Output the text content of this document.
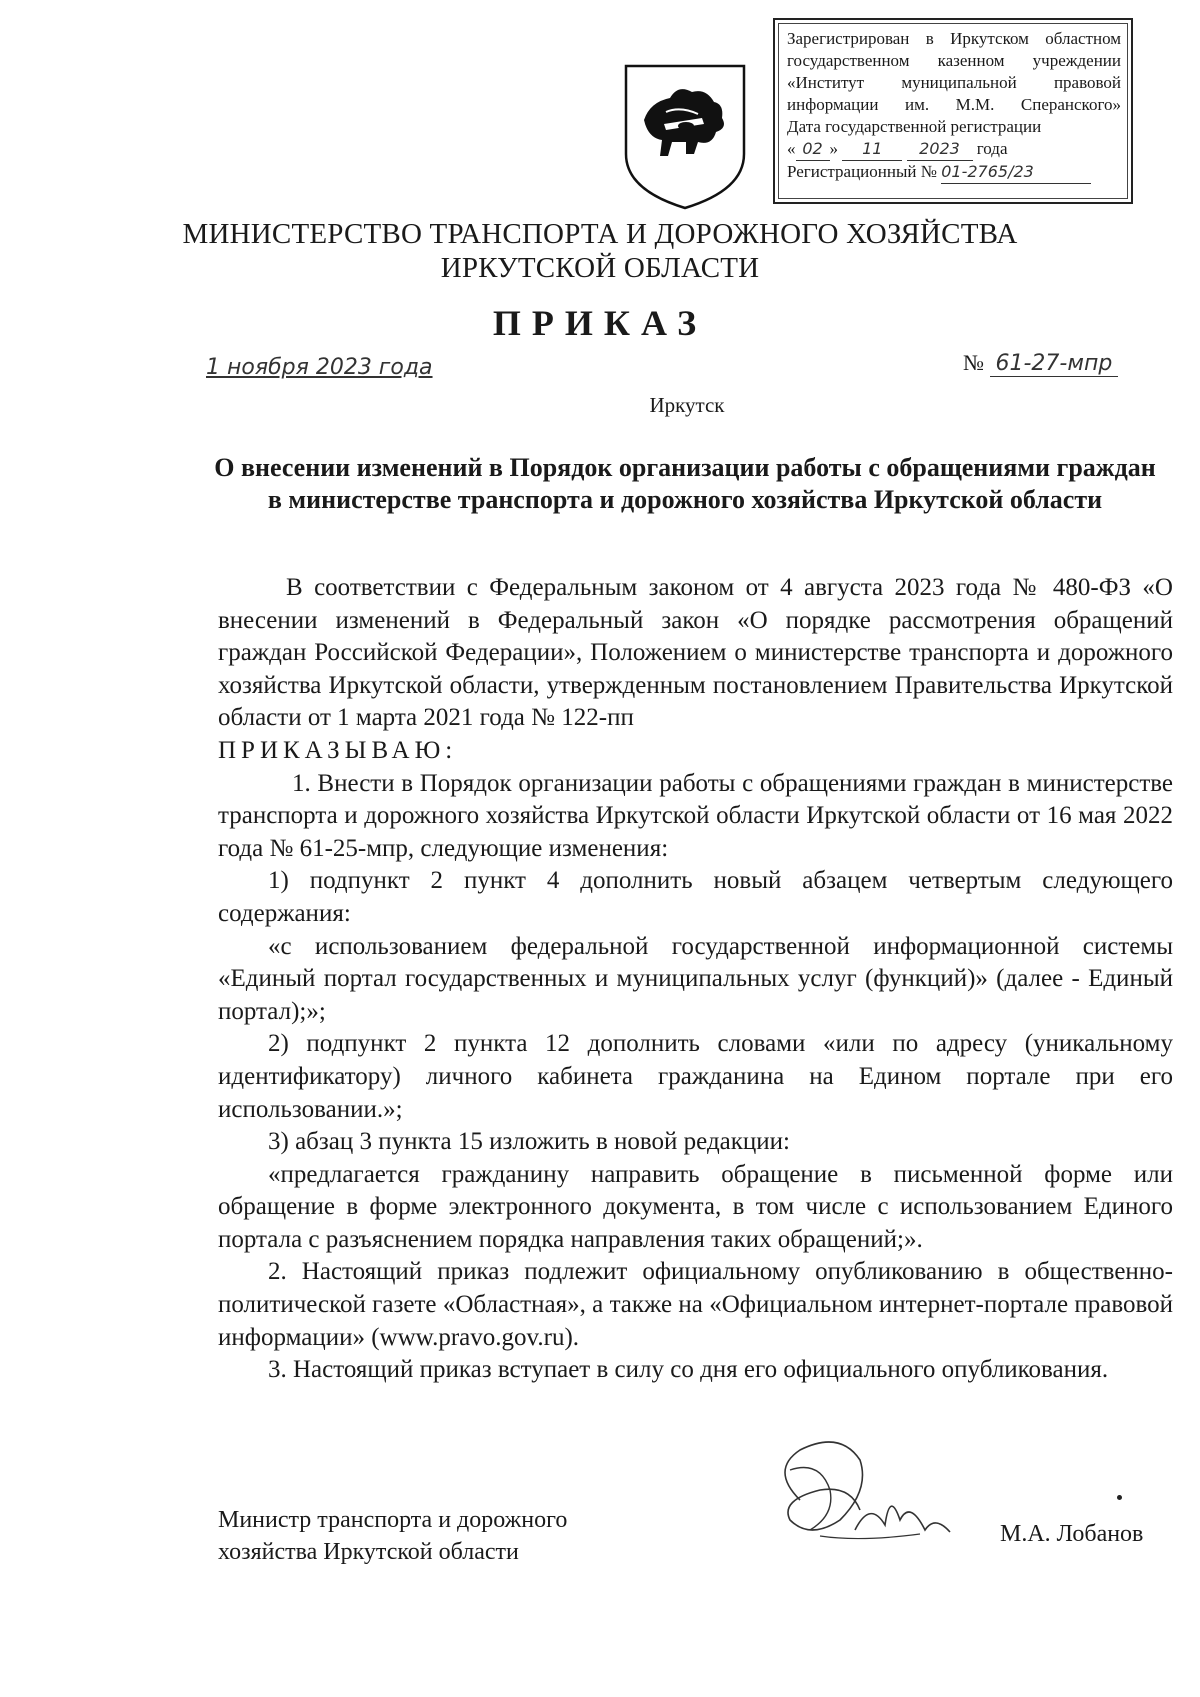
Зарегистрирован в Иркутском областном
государственном казенном учреждении
«Институт муниципальной правовой
информации им. М.М. Сперанского»
Дата государственной регистрации
« 02 » 11 2023 года
Регистрационный № 01-2765/23
МИНИСТЕРСТВО ТРАНСПОРТА И ДОРОЖНОГО ХОЗЯЙСТВА
ИРКУТСКОЙ ОБЛАСТИ
ПРИКАЗ
1 ноября 2023 года	№ 61-27-мпр
Иркутск
О внесении изменений в Порядок организации работы с обращениями граждан в министерстве транспорта и дорожного хозяйства Иркутской области

В соответствии с Федеральным законом от 4 августа 2023 года № 480-ФЗ «О внесении изменений в Федеральный закон «О порядке рассмотрения обращений граждан Российской Федерации», Положением о министерстве транспорта и дорожного хозяйства Иркутской области, утвержденным постановлением Правительства Иркутской области от 1 марта 2021 года № 122-пп

ПРИКАЗЫВАЮ:

1. Внести в Порядок организации работы с обращениями граждан в министерстве транспорта и дорожного хозяйства Иркутской области Иркутской области от 16 мая 2022 года № 61-25-мпр, следующие изменения:

1) подпункт 2 пункт 4 дополнить новый абзацем четвертым следующего содержания:

«с использованием федеральной государственной информационной системы «Единый портал государственных и муниципальных услуг (функций)» (далее - Единый портал);»;

2) подпункт 2 пункта 12 дополнить словами «или по адресу (уникальному идентификатору) личного кабинета гражданина на Едином портале при его использовании.»;

3) абзац 3 пункта 15 изложить в новой редакции:

«предлагается гражданину направить обращение в письменной форме или обращение в форме электронного документа, в том числе с использованием Единого портала с разъяснением порядка направления таких обращений;».

2. Настоящий приказ подлежит официальному опубликованию в общественно-политической газете «Областная», а также на «Официальном интернет-портале правовой информации» (www.pravo.gov.ru).

3. Настоящий приказ вступает в силу со дня его официального опубликования.

Министр транспорта и дорожного
хозяйства Иркутской области
М.А. Лобанов
